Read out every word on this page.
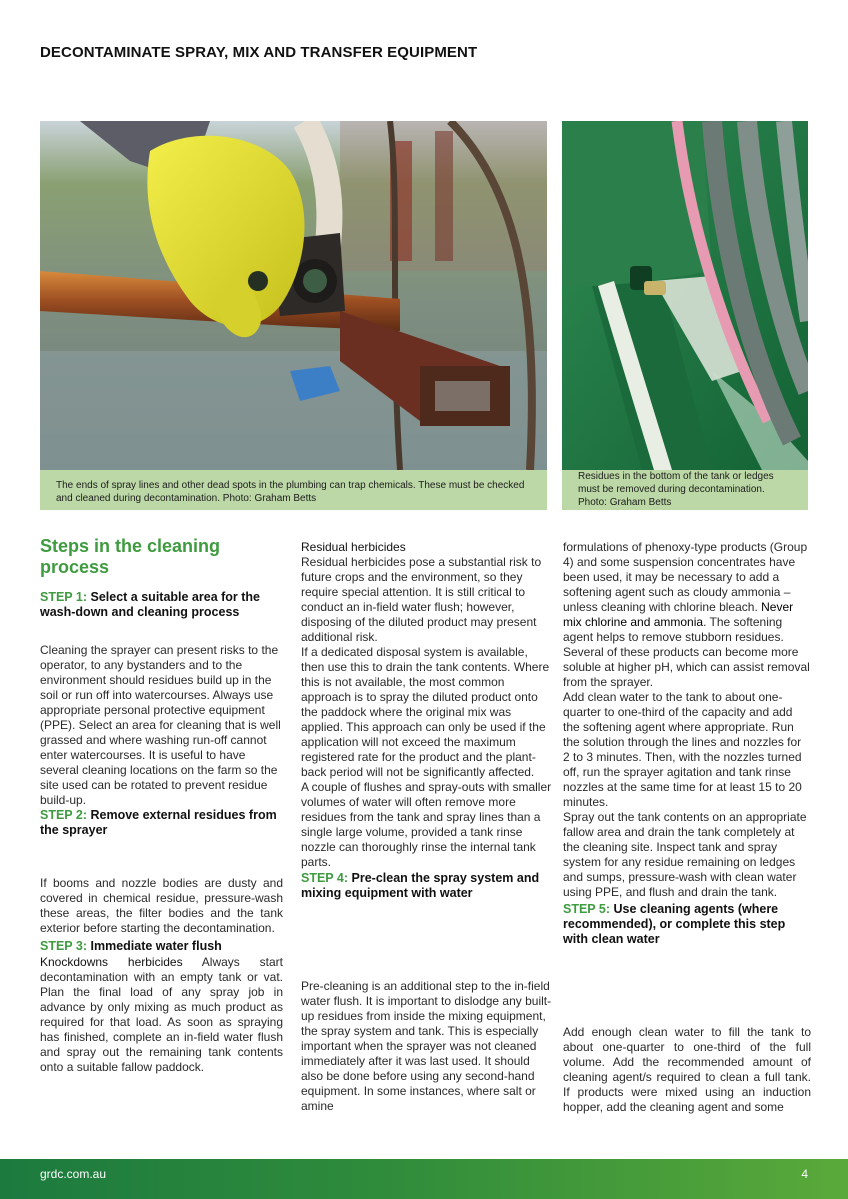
DECONTAMINATE SPRAY, MIX AND TRANSFER EQUIPMENT
The ends of spray lines and other dead spots in the plumbing can trap chemicals. These must be checked and cleaned during decontamination. Photo: Graham Betts
Residues in the bottom of the tank or ledges must be removed during decontamination. Photo: Graham Betts
Steps in the cleaning process
STEP 1: Select a suitable area for the wash-down and cleaning process

Cleaning the sprayer can present risks to the operator, to any bystanders and to the environment should residues build up in the soil or run off into watercourses. Always use appropriate personal protective equipment (PPE). Select an area for cleaning that is well grassed and where washing run-off cannot enter watercourses. It is useful to have several cleaning locations on the farm so the site used can be rotated to prevent residue build-up.

STEP 2: Remove external residues from the sprayer

If booms and nozzle bodies are dusty and covered in chemical residue, pressure-wash these areas, the filter bodies and the tank exterior before starting the decontamination.

STEP 3: Immediate water flush

Knockdowns herbicides Always start decontamination with an empty tank or vat. Plan the final load of any spray job in advance by only mixing as much product as required for that load. As soon as spraying has finished, complete an in-field water flush and spray out the remaining tank contents onto a suitable fallow paddock.

Residual herbicides

Residual herbicides pose a substantial risk to future crops and the environment, so they require special attention. It is still critical to conduct an in-field water flush; however, disposing of the diluted product may present additional risk.

If a dedicated disposal system is available, then use this to drain the tank contents. Where this is not available, the most common approach is to spray the diluted product onto the paddock where the original mix was applied. This approach can only be used if the application will not exceed the maximum registered rate for the product and the plant-back period will not be significantly affected.

A couple of flushes and spray-outs with smaller volumes of water will often remove more residues from the tank and spray lines than a single large volume, provided a tank rinse nozzle can thoroughly rinse the internal tank parts.

STEP 4: Pre-clean the spray system and mixing equipment with water

Pre-cleaning is an additional step to the in-field water flush. It is important to dislodge any built-up residues from inside the mixing equipment, the spray system and tank. This is especially important when the sprayer was not cleaned immediately after it was last used. It should also be done before using any second-hand equipment. In some instances, where salt or amine

formulations of phenoxy-type products (Group 4) and some suspension concentrates have been used, it may be necessary to add a softening agent such as cloudy ammonia – unless cleaning with chlorine bleach. Never mix chlorine and ammonia. The softening agent helps to remove stubborn residues. Several of these products can become more soluble at higher pH, which can assist removal from the sprayer.

Add clean water to the tank to about one-quarter to one-third of the capacity and add the softening agent where appropriate. Run the solution through the lines and nozzles for 2 to 3 minutes. Then, with the nozzles turned off, run the sprayer agitation and tank rinse nozzles at the same time for at least 15 to 20 minutes.

Spray out the tank contents on an appropriate fallow area and drain the tank completely at the cleaning site. Inspect tank and spray system for any residue remaining on ledges and sumps, pressure-wash with clean water using PPE, and flush and drain the tank.

STEP 5: Use cleaning agents (where recommended), or complete this step with clean water

Add enough clean water to fill the tank to about one-quarter to one-third of the full volume. Add the recommended amount of cleaning agent/s required to clean a full tank. If products were mixed using an induction hopper, add the cleaning agent and some

grdc.com.au	4
